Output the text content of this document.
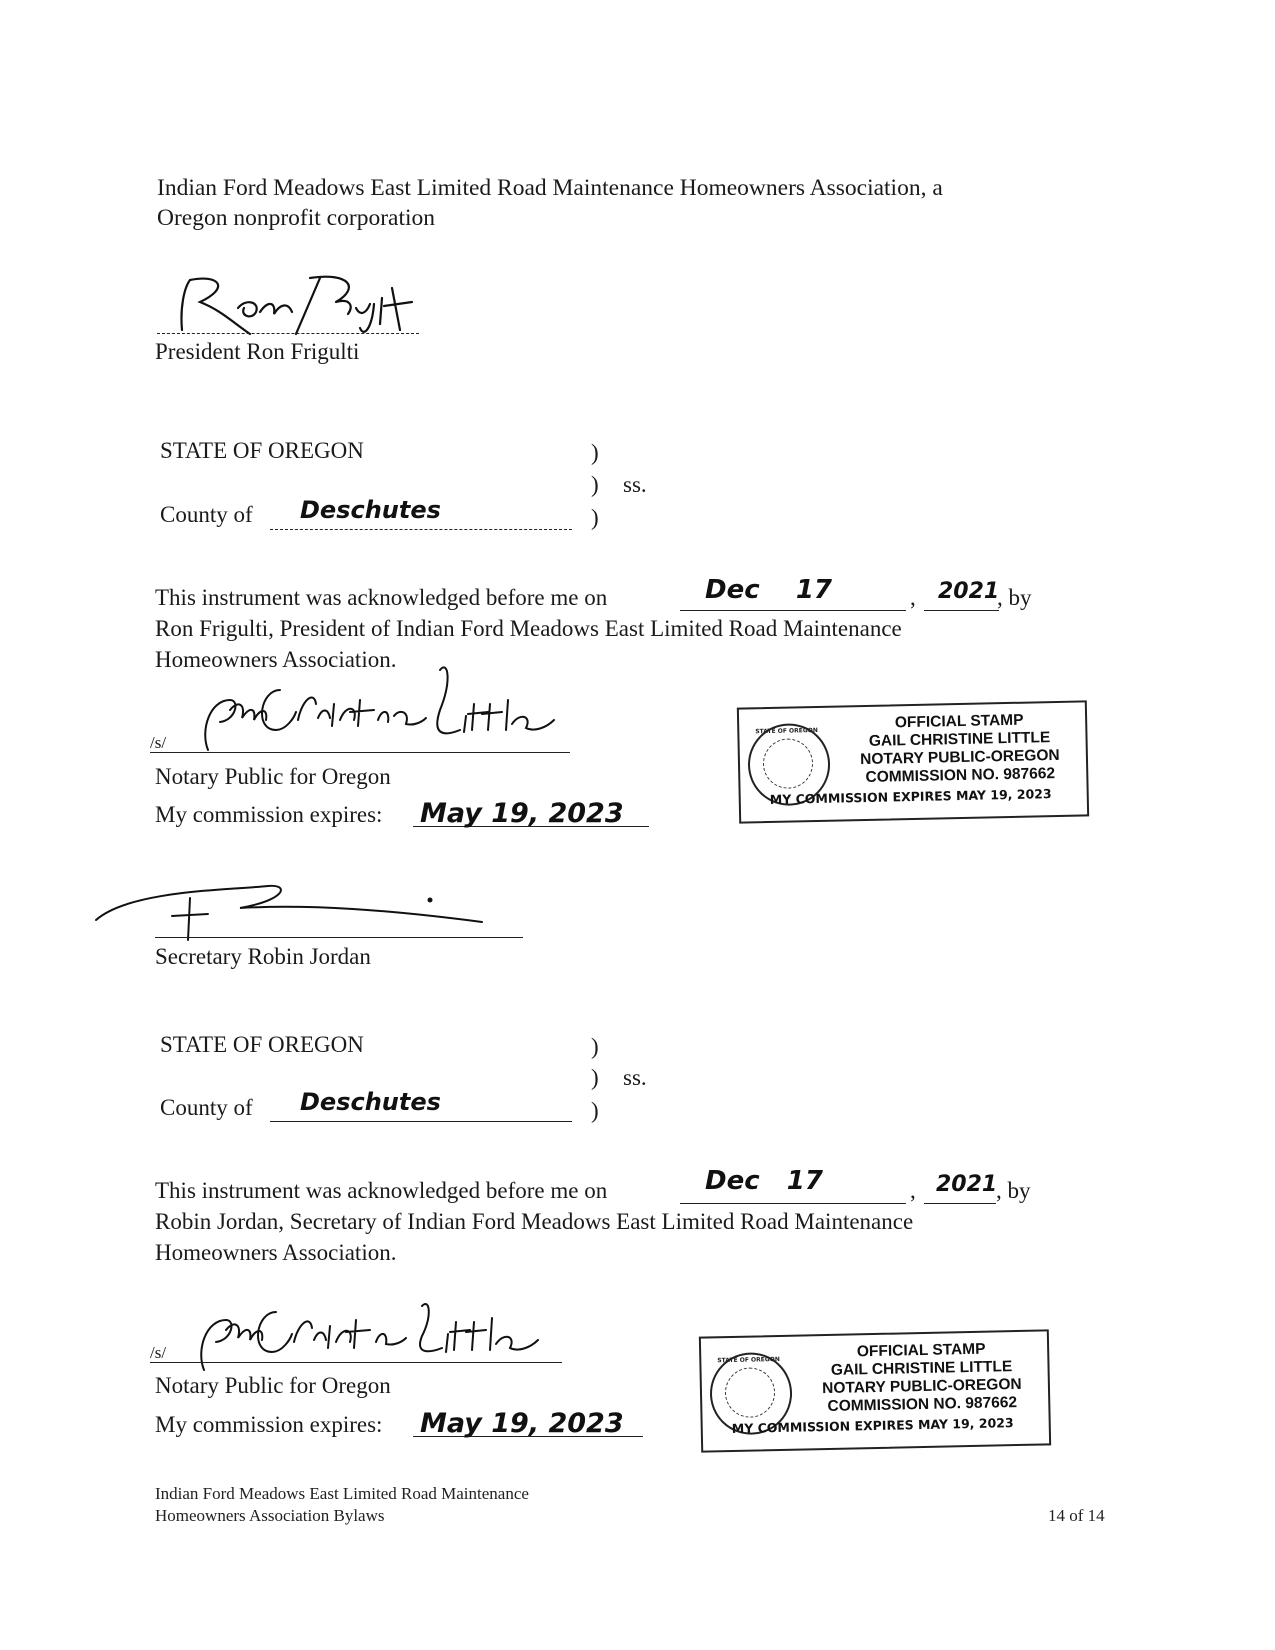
Indian Ford Meadows East Limited Road Maintenance Homeowners Association, a
Oregon nonprofit corporation
President Ron Frigulti
STATE OF OREGON	)
) ss.
)
County of Deschutes
This instrument was acknowledged before me on	Dec    17	, 2021
, by
Ron Frigulti, President of Indian Ford Meadows East Limited Road Maintenance
Homeowners Association.
/s/
Notary Public for Oregon
My commission expires: May 19, 2023
STATE OF OREGON	OFFICIAL STAMP
GAIL CHRISTINE LITTLE
NOTARY PUBLIC-OREGON
COMMISSION NO. 987662
MY COMMISSION EXPIRES MAY 19, 2023
Secretary Robin Jordan
STATE OF OREGON	)
) ss.
)
County of Deschutes
This instrument was acknowledged before me on	Dec   17	, 2021
, by
Robin Jordan, Secretary of Indian Ford Meadows East Limited Road Maintenance
Homeowners Association.
/s/
Notary Public for Oregon
My commission expires: May 19, 2023
STATE OF OREGON	OFFICIAL STAMP
GAIL CHRISTINE LITTLE
NOTARY PUBLIC-OREGON
COMMISSION NO. 987662
MY COMMISSION EXPIRES MAY 19, 2023
Indian Ford Meadows East Limited Road Maintenance
Homeowners Association Bylaws	14 of 14
